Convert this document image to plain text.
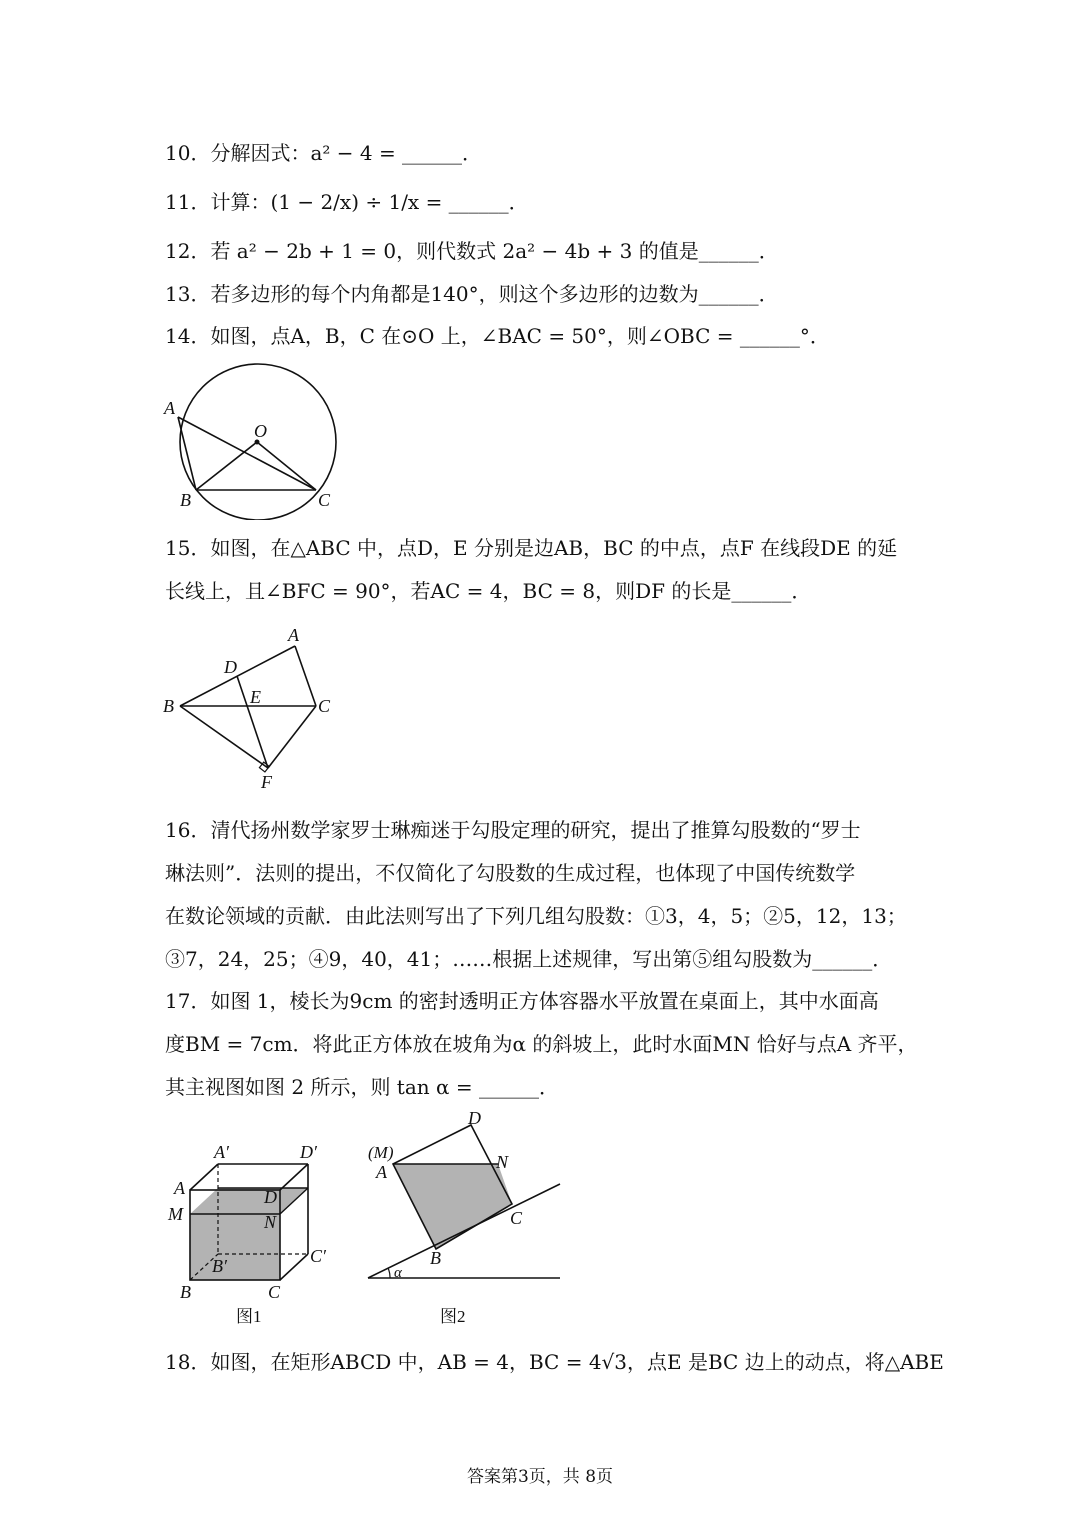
10．分解因式：a² − 4 = ______．
11．计算：(1 − 2/x) ÷ 1/x = ______．
12．若 a² − 2b + 1 = 0，则代数式 2a² − 4b + 3 的值是______．
13．若多边形的每个内角都是140°，则这个多边形的边数为______．
14．如图，点A，B，C 在⊙O 上，∠BAC = 50°，则∠OBC = ______°．
A
O
B	C
15．如图，在△ABC 中，点D，E 分别是边AB，BC 的中点，点F 在线段DE 的延
长线上，且∠BFC = 90°，若AC = 4，BC = 8，则DF 的长是______．
A
D
E
B	C
F
16．清代扬州数学家罗士琳痴迷于勾股定理的研究，提出了推算勾股数的“罗士
琳法则”．法则的提出，不仅简化了勾股数的生成过程，也体现了中国传统数学
在数论领域的贡献．由此法则写出了下列几组勾股数：①3，4，5；②5，12，13；
③7，24，25；④9，40，41；……根据上述规律，写出第⑤组勾股数为______．
17．如图 1，棱长为9cm 的密封透明正方体容器水平放置在桌面上，其中水面高
度BM = 7cm．将此正方体放在坡角为α 的斜坡上，此时水面MN 恰好与点A 齐平，
其主视图如图 2 所示，则 tan α = ______．
A′	D′
A	D
M	N
B′	C′
B	C
图1
D
(M)
A	N
C
B
α
图2
18．如图，在矩形ABCD 中，AB = 4，BC = 4√3，点E 是BC 边上的动点，将△ABE
答案第3页，共 8页
